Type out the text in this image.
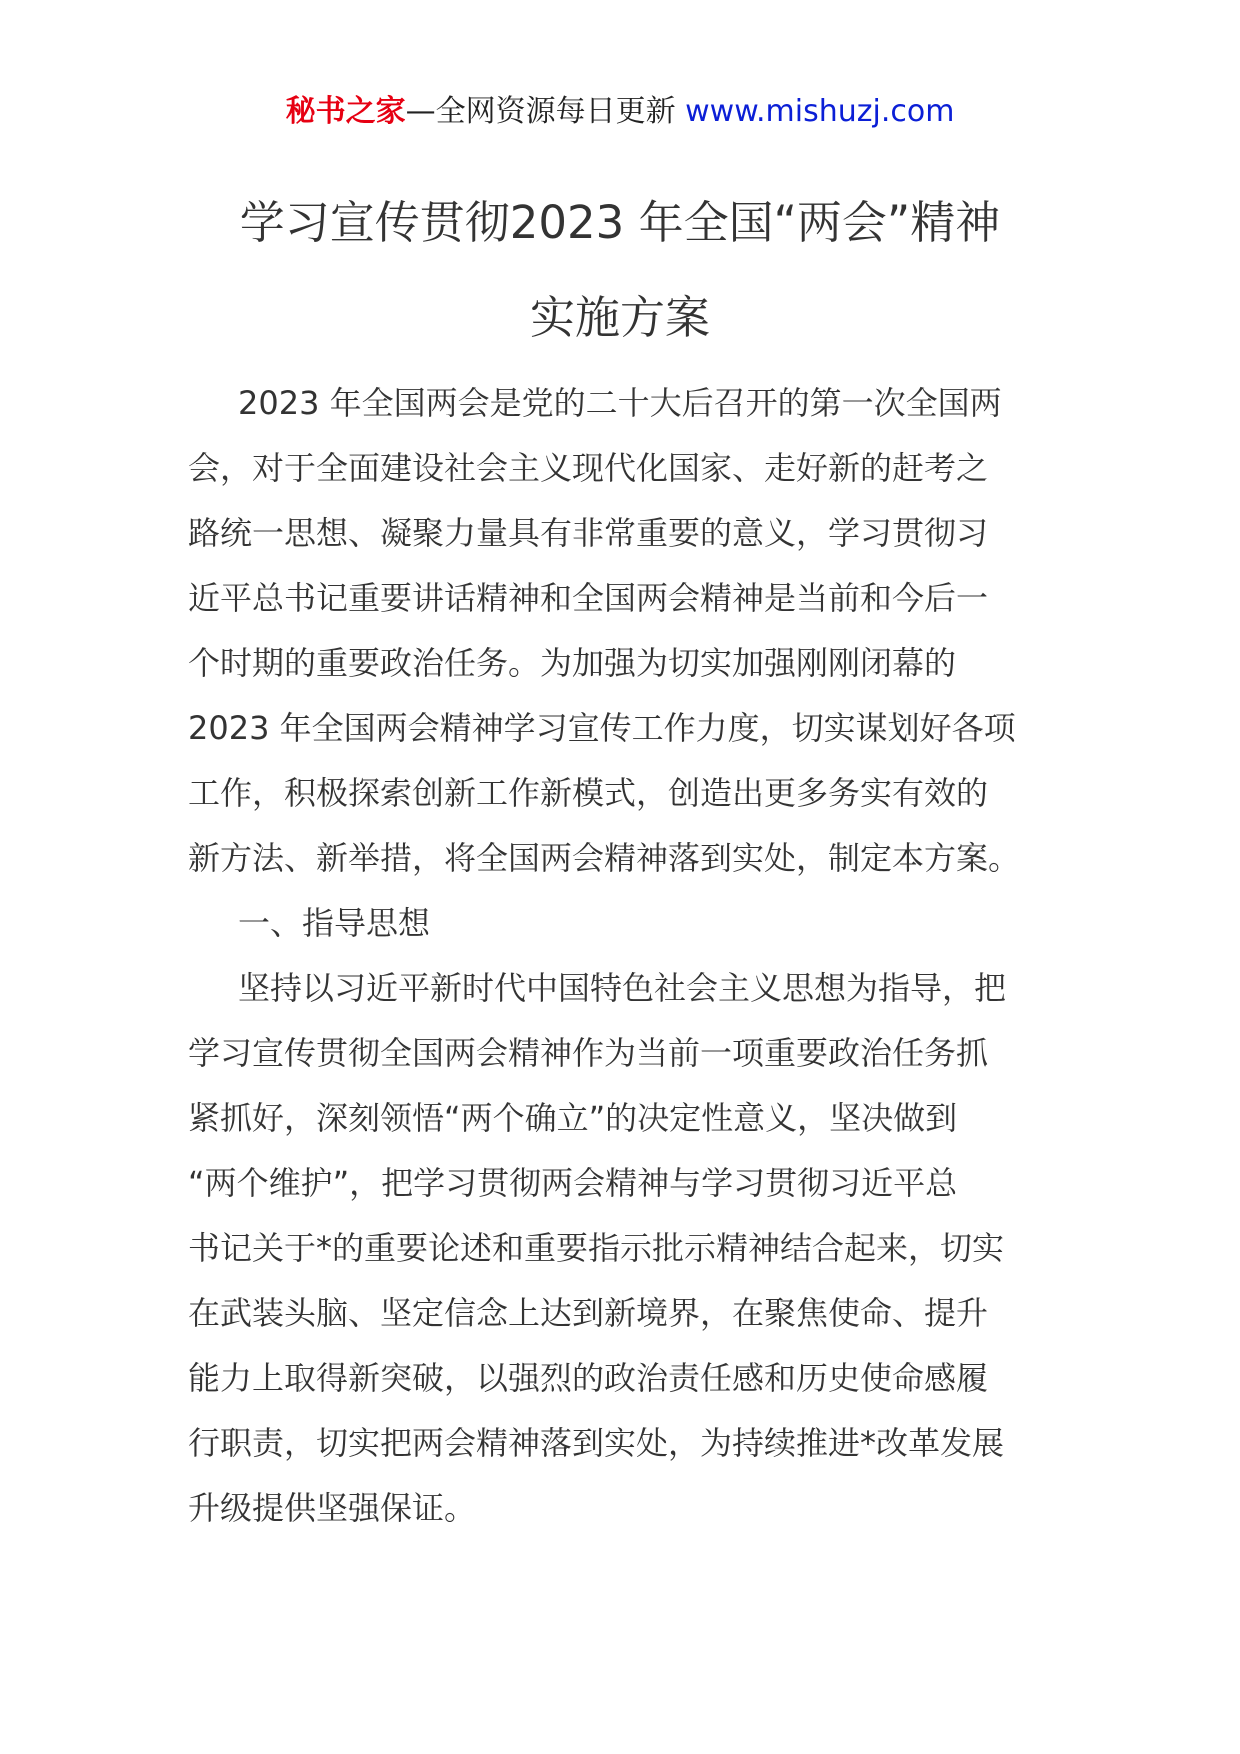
秘书之家—全网资源每日更新 www.mishuzj.com
学习宣传贯彻2023 年全国“两会”精神
实施方案
2023 年全国两会是党的二十大后召开的第一次全国两
会，对于全面建设社会主义现代化国家、走好新的赶考之
路统一思想、凝聚力量具有非常重要的意义，学习贯彻习
近平总书记重要讲话精神和全国两会精神是当前和今后一
个时期的重要政治任务。为加强为切实加强刚刚闭幕的
2023 年全国两会精神学习宣传工作力度，切实谋划好各项
工作，积极探索创新工作新模式，创造出更多务实有效的
新方法、新举措，将全国两会精神落到实处，制定本方案。
一、指导思想
坚持以习近平新时代中国特色社会主义思想为指导，把
学习宣传贯彻全国两会精神作为当前一项重要政治任务抓
紧抓好，深刻领悟“两个确立”的决定性意义，坚决做到
“两个维护”，把学习贯彻两会精神与学习贯彻习近平总
书记关于*的重要论述和重要指示批示精神结合起来，切实
在武装头脑、坚定信念上达到新境界，在聚焦使命、提升
能力上取得新突破，以强烈的政治责任感和历史使命感履
行职责，切实把两会精神落到实处，为持续推进*改革发展
升级提供坚强保证。
